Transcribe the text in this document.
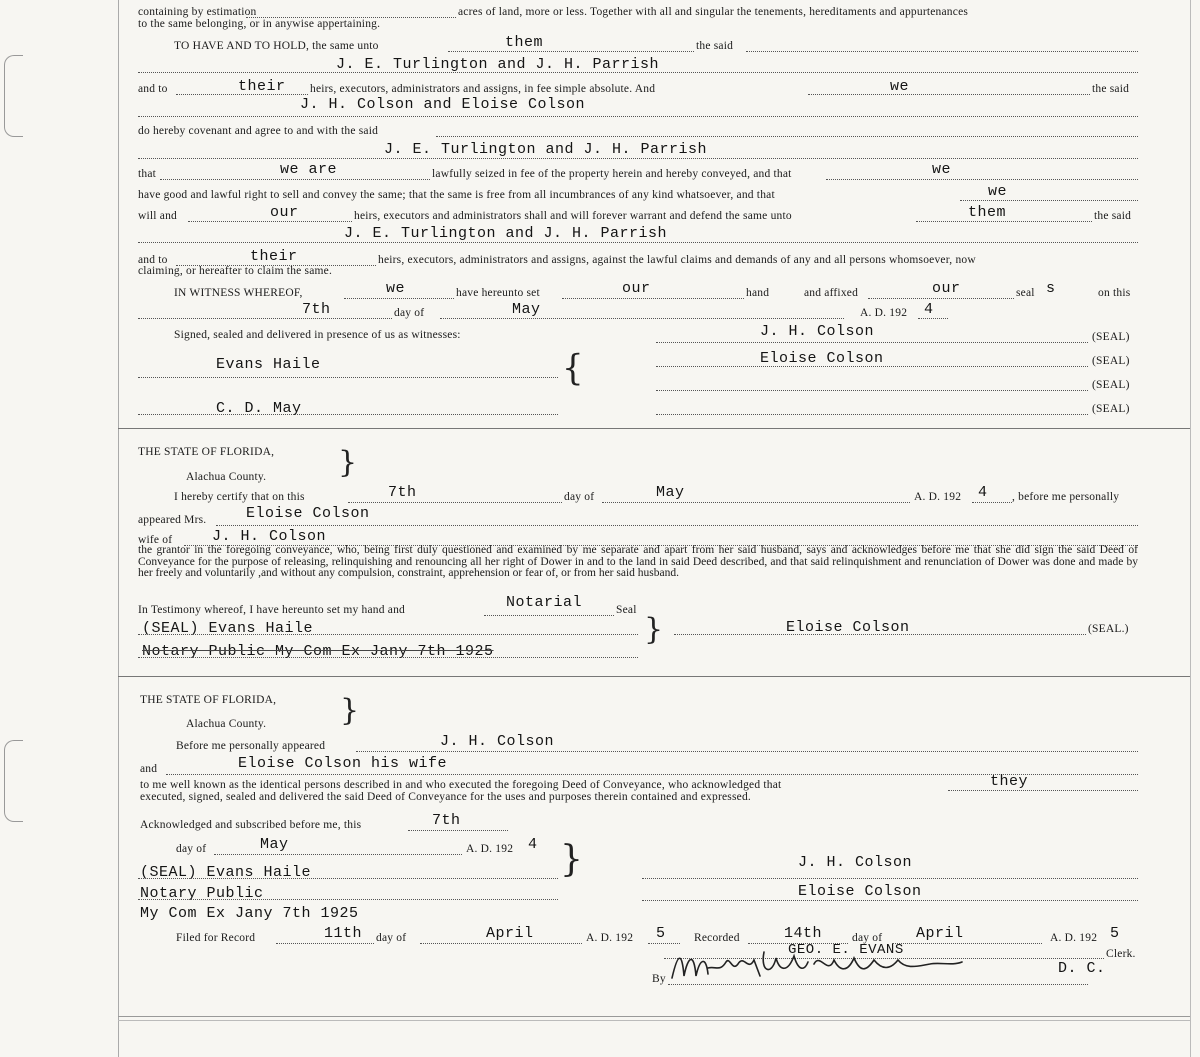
containing by estimation	acres of land, more or less. Together with all and singular the tenements, hereditaments and appurtenances
to the same belonging, or in anywise appertaining.
TO HAVE AND TO HOLD, the same unto	them	the said
J. E. Turlington and J. H. Parrish
and to	their heirs, executors, administrators and assigns, in fee simple absolute. And	we	the said
J. H. Colson and Eloise Colson
do hereby covenant and agree to and with the said
J. E. Turlington and J. H. Parrish
that	we are	lawfully seized in fee of the property herein and hereby conveyed, and that	we
have good and lawful right to sell and convey the same; that the same is free from all incumbrances of any kind whatsoever, and that	we
will and	our	heirs, executors and administrators shall and will forever warrant and defend the same unto	them	the said
J. E. Turlington and J. H. Parrish
and to	their	heirs, executors, administrators and assigns, against the lawful claims and demands of any and all persons whomsoever, now
claiming, or hereafter to claim the same.
IN WITNESS WHEREOF,	we	have hereunto set	our	hand	and affixed	our	seal s	on this
7th	day of	May	A. D. 192 4
Signed, sealed and delivered in presence of us as witnesses:
{
Evans Haile
C. D. May
J. H. Colson	(SEAL)
Eloise Colson	(SEAL)
(SEAL)
(SEAL)
THE STATE OF FLORIDA,
Alachua County. }
I hereby certify that on this	7th	day of	May	A. D. 192 4 , before me personally
appeared Mrs.	Eloise Colson
wife of	J. H. Colson
the grantor in the foregoing conveyance, who, being first duly questioned and examined by me separate and apart from her said husband, says and acknowledges before me that she did sign the said Deed of Conveyance for the purpose of releasing, relinquishing and renouncing all her right of Dower in and to the land in said Deed described, and that said relinquishment and renunciation of Dower was done and made by her freely and voluntarily ,and without any compulsion, constraint, apprehension or fear of, or from her said husband.
In Testimony whereof, I have hereunto set my hand and	Notarial	Seal
}
(SEAL) Evans Haile
Notary Public My Com Ex Jany 7th 1925
Eloise Colson	(SEAL.)
THE STATE OF FLORIDA,
Alachua County. }
Before me personally appeared	J. H. Colson
and	Eloise Colson his wife
to me well known as the identical persons described in and who executed the foregoing Deed of Conveyance, who acknowledged that	they
executed, signed, sealed and delivered the said Deed of Conveyance for the uses and purposes therein contained and expressed.
Acknowledged and subscribed before me, this	7th
}
day of	May	A. D. 192 4
(SEAL) Evans Haile
Notary Public
My Com Ex Jany 7th 1925
J. H. Colson
Eloise Colson
Filed for Record	11th day of	April	A. D. 192 5 Recorded	14th	day of April	A. D. 192 5
GEO. E. EVANS	Clerk.
By
D. C.
